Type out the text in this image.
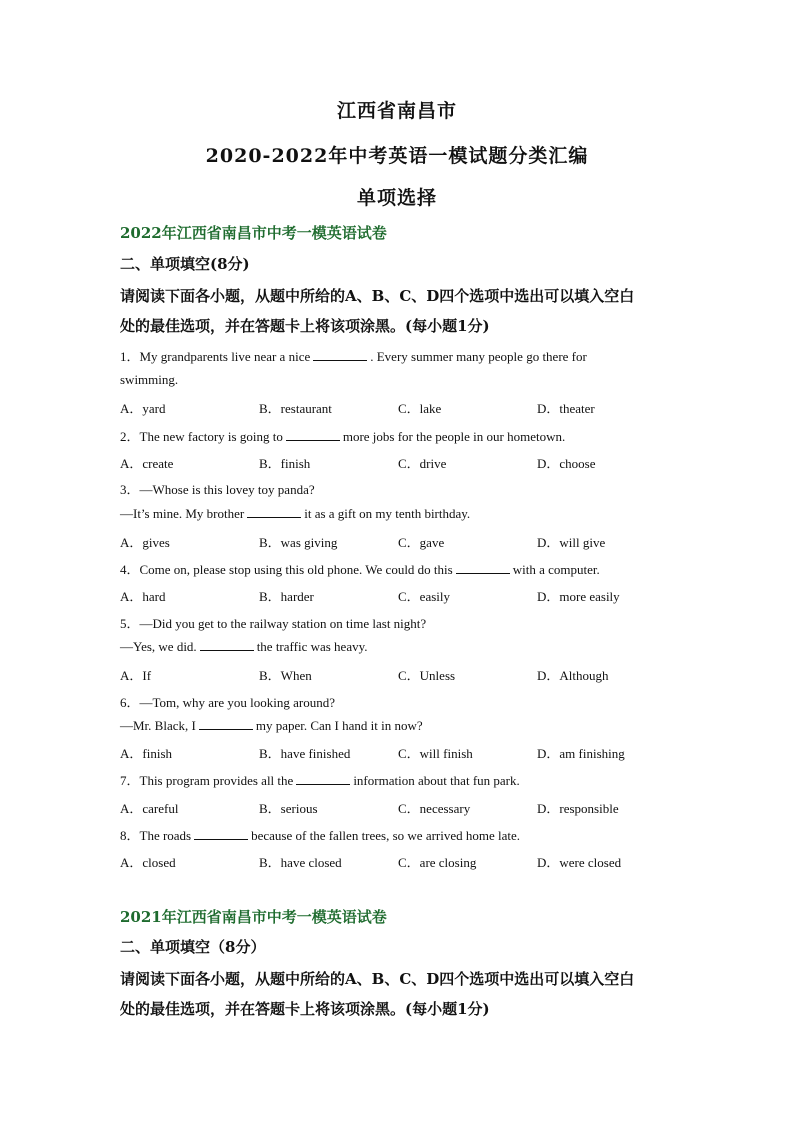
江西省南昌市
2020-2022年中考英语一模试题分类汇编
单项选择
2022年江西省南昌市中考一模英语试卷
二、单项填空(8分)
请阅读下面各小题，从题中所给的A、B、C、D四个选项中选出可以填入空白
处的最佳选项，并在答题卡上将该项涂黑。(每小题1分)
1．My grandparents live near a nice	. Every summer many people go there for
swimming.
A．yard	B．restaurant	C．lake	D．theater
2．The new factory is going to	more jobs for the people in our hometown.
A．create	B．finish	C．drive	D．choose
3．—Whose is this lovey toy panda?
—It’s mine. My brother	it as a gift on my tenth birthday.
A．gives	B．was giving	C．gave	D．will give
4．Come on, please stop using this old phone. We could do this	with a computer.
A．hard	B．harder	C．easily	D．more easily
5．—Did you get to the railway station on time last night?
—Yes, we did.	the traffic was heavy.
A．If	B．When	C．Unless	D．Although
6．—Tom, why are you looking around?
—Mr. Black, I	my paper. Can I hand it in now?
A．finish	B．have finished	C．will finish	D．am finishing
7．This program provides all the	information about that fun park.
A．careful	B．serious	C．necessary	D．responsible
8．The roads	because of the fallen trees, so we arrived home late.
A．closed	B．have closed	C．are closing	D．were closed
2021年江西省南昌市中考一模英语试卷
二、单项填空（8分）
请阅读下面各小题，从题中所给的A、B、C、D四个选项中选出可以填入空白
处的最佳选项，并在答题卡上将该项涂黑。(每小题1分)
